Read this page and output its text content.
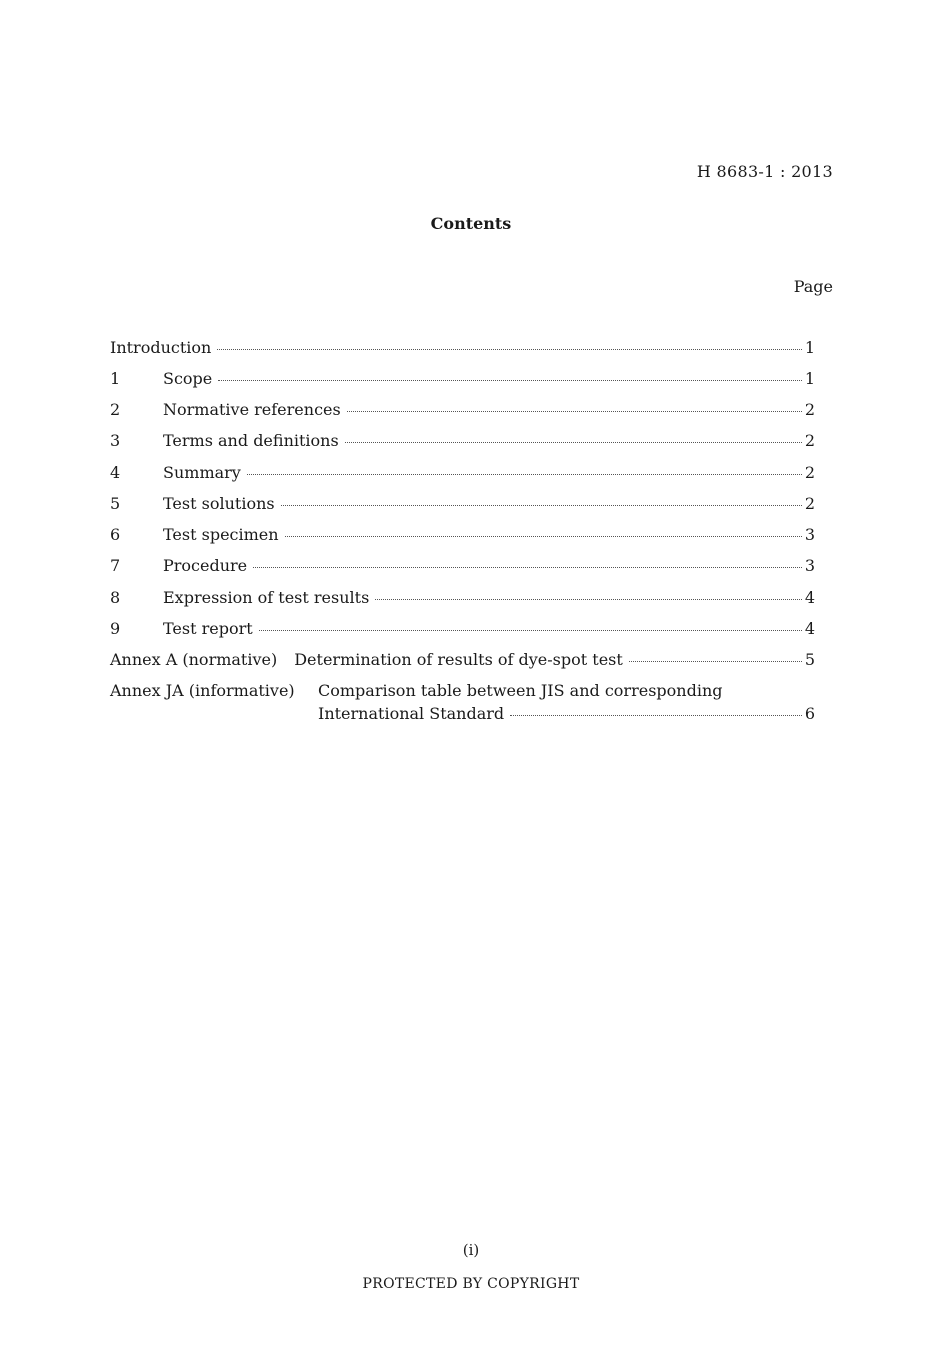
H 8683-1 : 2013
Contents
Page
Introduction	1
1	Scope	1
2	Normative references	2
3	Terms and definitions	2
4	Summary	2
5	Test solutions	2
6	Test specimen	3
7	Procedure	3
8	Expression of test results	4
9	Test report	4
Annex A (normative) Determination of results of dye-spot test	5
Annex JA (informative)	Comparison table between JIS and corresponding
International Standard	6
(i)
PROTECTED BY COPYRIGHT
